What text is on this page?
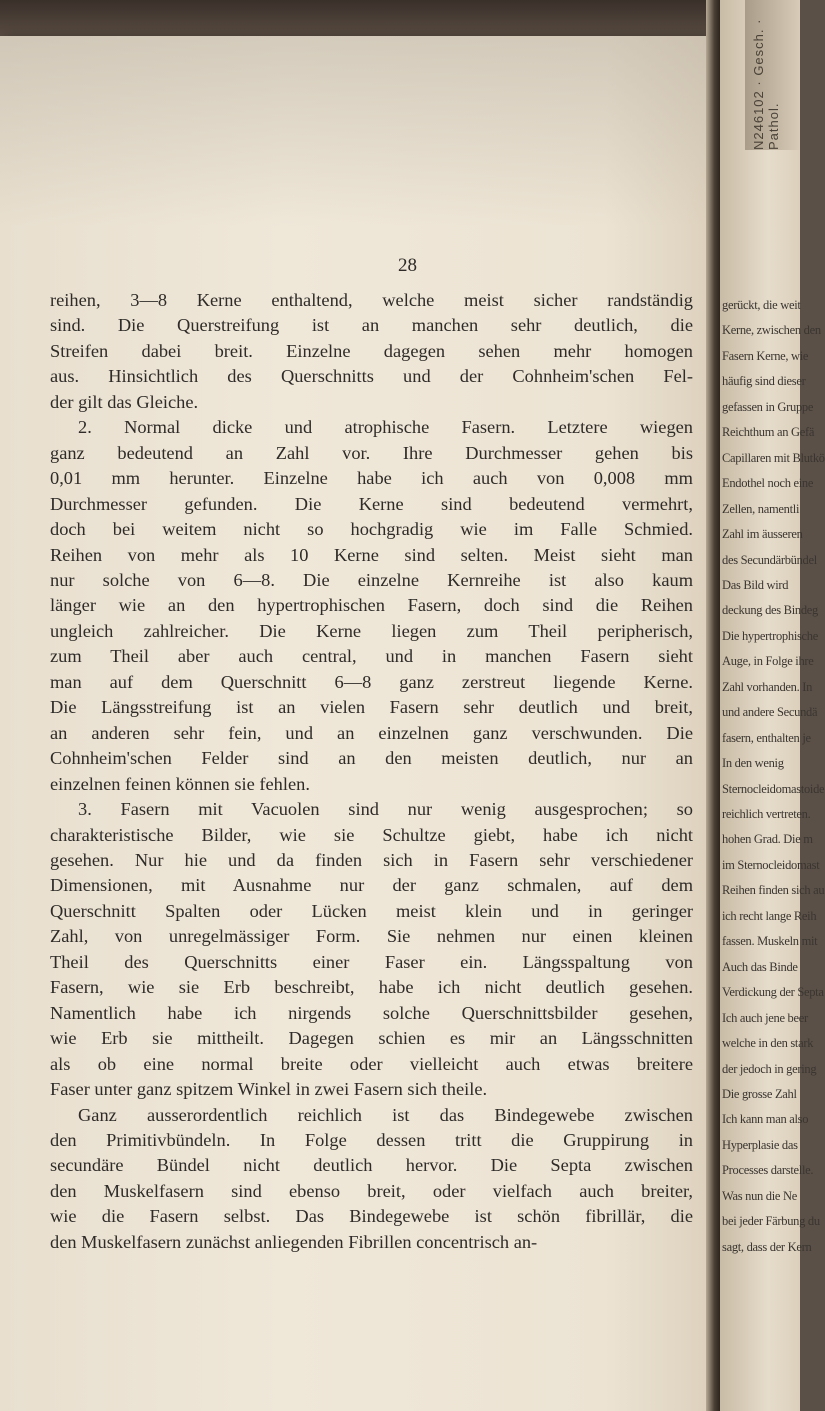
gerückt, die weit
Kerne, zwischen den
Fasern Kerne, wie
häufig sind dieser
gefassen in Gruppe
Reichthum an Gefä
Capillaren mit Blutkö
Endothel noch eine
Zellen, namentli
Zahl im äusseren
des Secundärbündel
Das Bild wird
deckung des Bindeg
Die hypertrophische
Auge, in Folge ihre
Zahl vorhanden. In
und andere Secundä
fasern, enthalten je
In den wenig
Sternocleidomastoide
reichlich vertreten.
hohen Grad. Die m
im Sternocleidomast
Reihen finden sich au
ich recht lange Reih
fassen. Muskeln mit
Auch das Binde
Verdickung der Septa
Ich auch jene beer
welche in den stark
der jedoch in gering
Die grosse Zahl
Ich kann man also
Hyperplasie das
Processes darstelle.
Was nun die Ne
bei jeder Färbung du
sagt, dass der Kern
N246102 · Gesch. · Pathol.
28
reihen, 3—8 Kerne enthaltend, welche meist sicher randständig
sind. Die Querstreifung ist an manchen sehr deutlich, die
Streifen dabei breit. Einzelne dagegen sehen mehr homogen
aus. Hinsichtlich des Querschnitts und der Cohnheim'schen Fel-
der gilt das Gleiche.
2. Normal dicke und atrophische Fasern. Letztere wiegen
ganz bedeutend an Zahl vor. Ihre Durchmesser gehen bis
0,01 mm herunter. Einzelne habe ich auch von 0,008 mm
Durchmesser gefunden. Die Kerne sind bedeutend vermehrt,
doch bei weitem nicht so hochgradig wie im Falle Schmied.
Reihen von mehr als 10 Kerne sind selten. Meist sieht man
nur solche von 6—8. Die einzelne Kernreihe ist also kaum
länger wie an den hypertrophischen Fasern, doch sind die Reihen
ungleich zahlreicher. Die Kerne liegen zum Theil peripherisch,
zum Theil aber auch central, und in manchen Fasern sieht
man auf dem Querschnitt 6—8 ganz zerstreut liegende Kerne.
Die Längsstreifung ist an vielen Fasern sehr deutlich und breit,
an anderen sehr fein, und an einzelnen ganz verschwunden. Die
Cohnheim'schen Felder sind an den meisten deutlich, nur an
einzelnen feinen können sie fehlen.
3. Fasern mit Vacuolen sind nur wenig ausgesprochen; so
charakteristische Bilder, wie sie Schultze giebt, habe ich nicht
gesehen. Nur hie und da finden sich in Fasern sehr verschiedener
Dimensionen, mit Ausnahme nur der ganz schmalen, auf dem
Querschnitt Spalten oder Lücken meist klein und in geringer
Zahl, von unregelmässiger Form. Sie nehmen nur einen kleinen
Theil des Querschnitts einer Faser ein. Längsspaltung von
Fasern, wie sie Erb beschreibt, habe ich nicht deutlich gesehen.
Namentlich habe ich nirgends solche Querschnittsbilder gesehen,
wie Erb sie mittheilt. Dagegen schien es mir an Längsschnitten
als ob eine normal breite oder vielleicht auch etwas breitere
Faser unter ganz spitzem Winkel in zwei Fasern sich theile.
Ganz ausserordentlich reichlich ist das Bindegewebe zwischen
den Primitivbündeln. In Folge dessen tritt die Gruppirung in
secundäre Bündel nicht deutlich hervor. Die Septa zwischen
den Muskelfasern sind ebenso breit, oder vielfach auch breiter,
wie die Fasern selbst. Das Bindegewebe ist schön fibrillär, die
den Muskelfasern zunächst anliegenden Fibrillen concentrisch an-
